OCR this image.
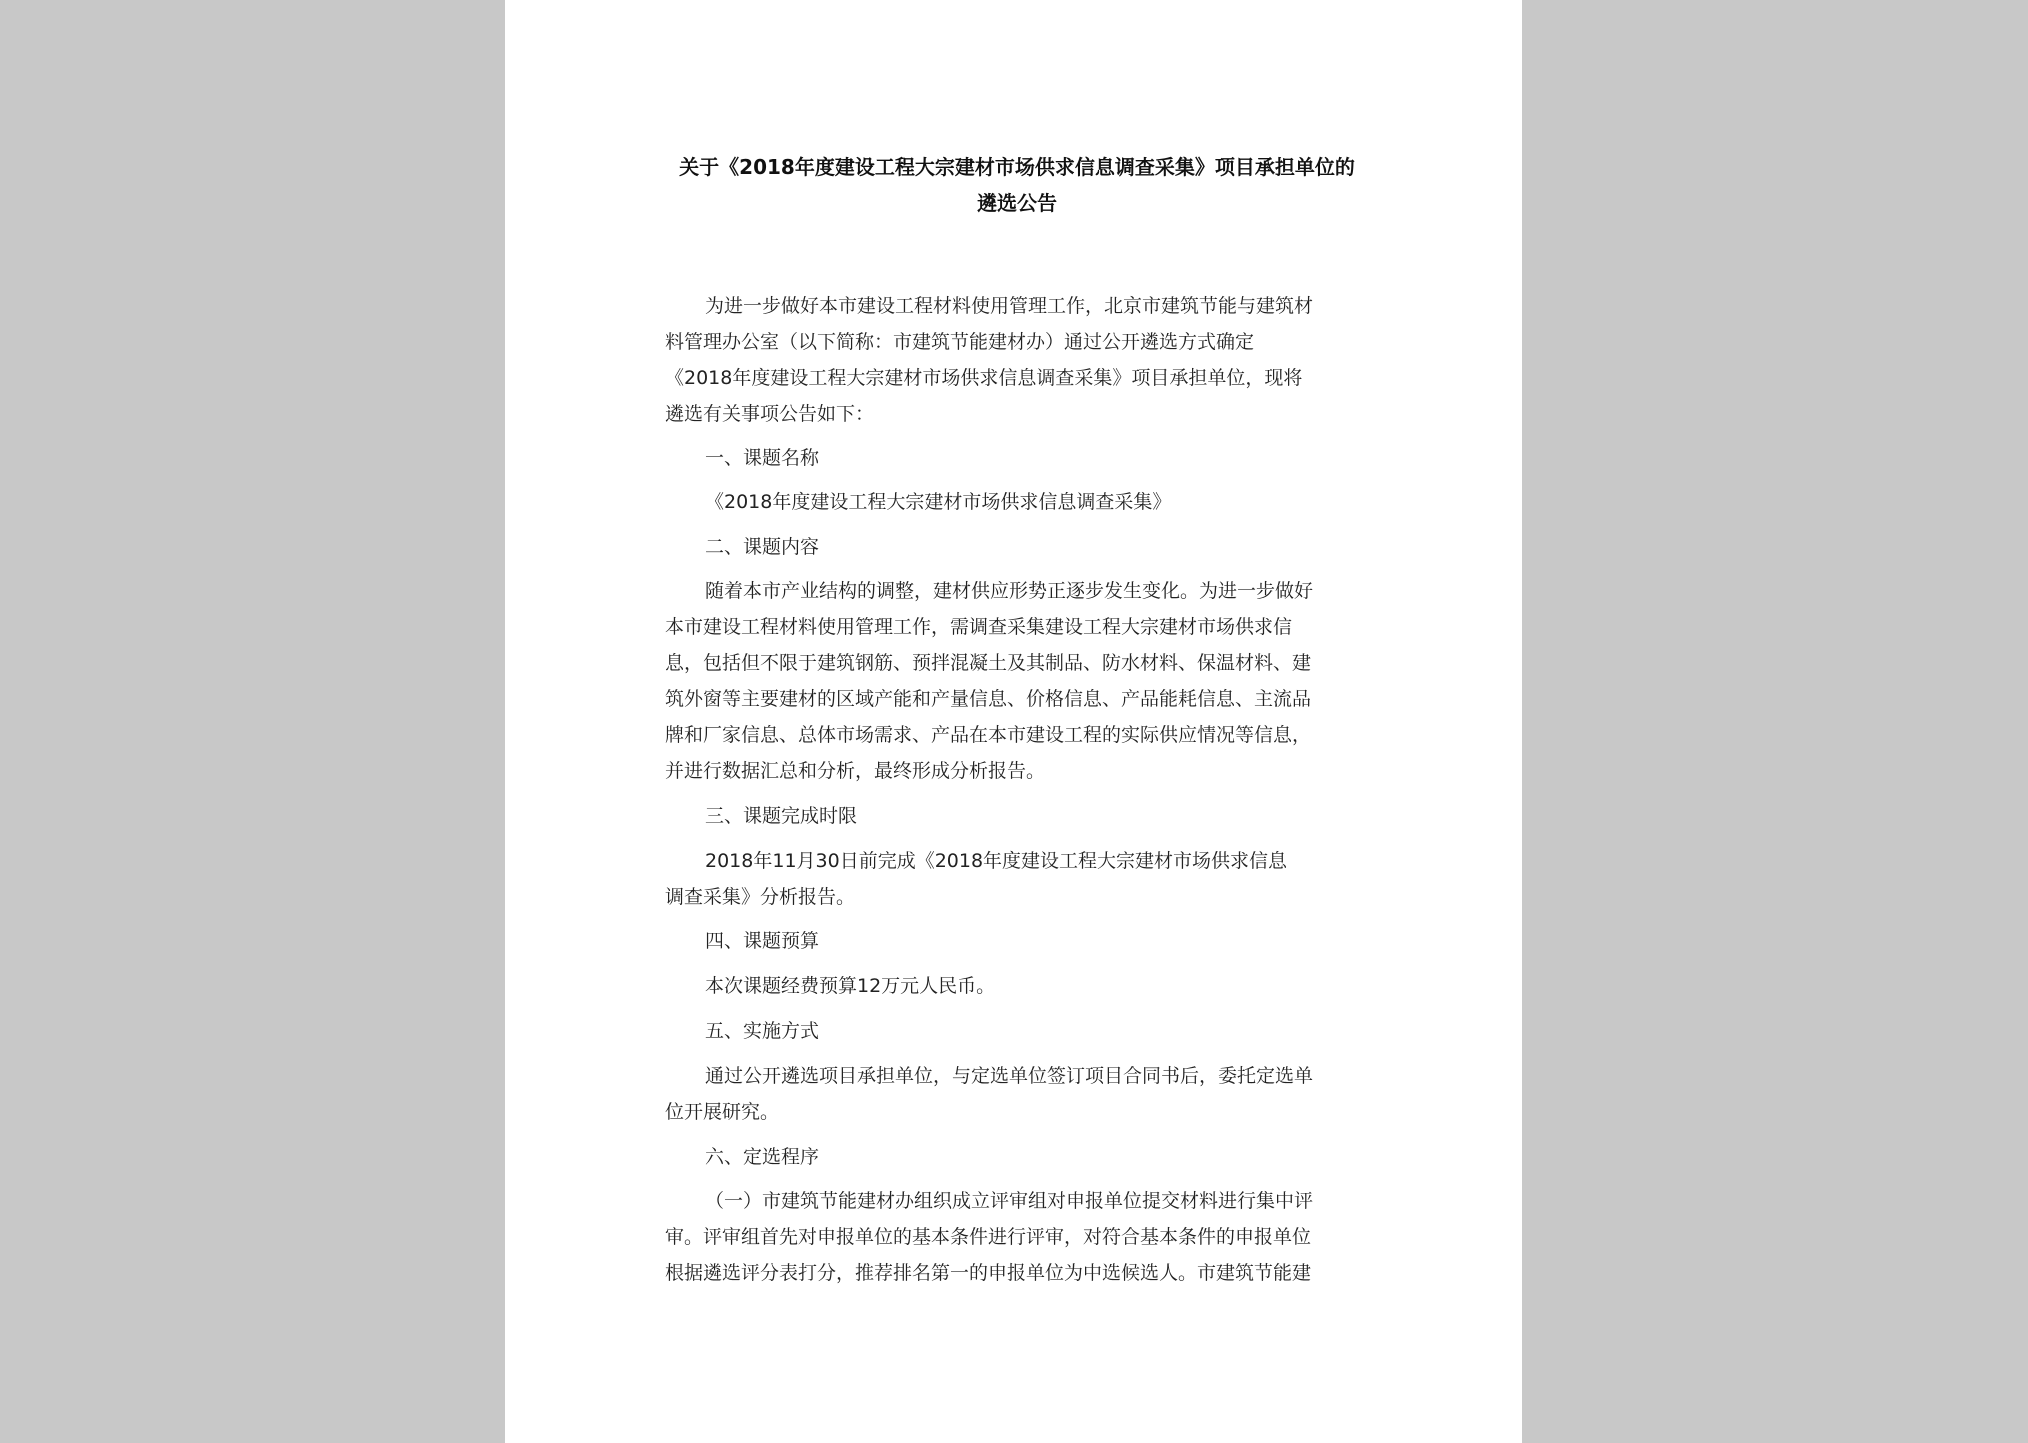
关于《2018年度建设工程大宗建材市场供求信息调查采集》项目承担单位的
遴选公告
为进一步做好本市建设工程材料使用管理工作，北京市建筑节能与建筑材
料管理办公室（以下简称：市建筑节能建材办）通过公开遴选方式确定
《2018年度建设工程大宗建材市场供求信息调查采集》项目承担单位，现将
遴选有关事项公告如下：
一、课题名称
《2018年度建设工程大宗建材市场供求信息调查采集》
二、课题内容
随着本市产业结构的调整，建材供应形势正逐步发生变化。为进一步做好
本市建设工程材料使用管理工作，需调查采集建设工程大宗建材市场供求信
息，包括但不限于建筑钢筋、预拌混凝土及其制品、防水材料、保温材料、建
筑外窗等主要建材的区域产能和产量信息、价格信息、产品能耗信息、主流品
牌和厂家信息、总体市场需求、产品在本市建设工程的实际供应情况等信息，
并进行数据汇总和分析，最终形成分析报告。
三、课题完成时限
2018年11月30日前完成《2018年度建设工程大宗建材市场供求信息
调查采集》分析报告。
四、课题预算
本次课题经费预算12万元人民币。
五、实施方式
通过公开遴选项目承担单位，与定选单位签订项目合同书后，委托定选单
位开展研究。
六、定选程序
（一）市建筑节能建材办组织成立评审组对申报单位提交材料进行集中评
审。评审组首先对申报单位的基本条件进行评审，对符合基本条件的申报单位
根据遴选评分表打分，推荐排名第一的申报单位为中选候选人。市建筑节能建
